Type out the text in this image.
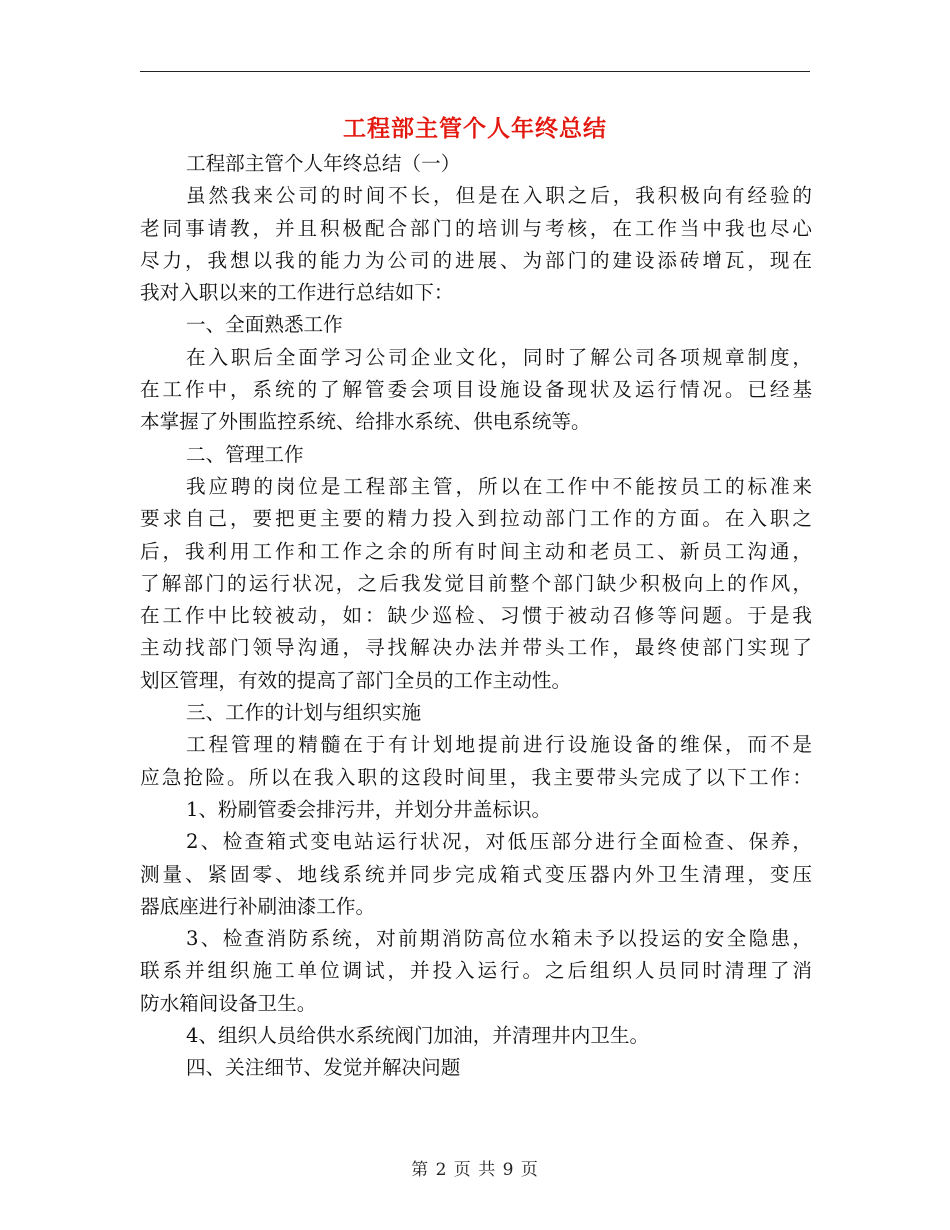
工程部主管个人年终总结
工程部主管个人年终总结（一）
虽然我来公司的时间不长，但是在入职之后，我积极向有经验的
老同事请教，并且积极配合部门的培训与考核，在工作当中我也尽心
尽力，我想以我的能力为公司的进展、为部门的建设添砖增瓦，现在
我对入职以来的工作进行总结如下：
一、全面熟悉工作
在入职后全面学习公司企业文化，同时了解公司各项规章制度，
在工作中，系统的了解管委会项目设施设备现状及运行情况。已经基
本掌握了外围监控系统、给排水系统、供电系统等。
二、管理工作
我应聘的岗位是工程部主管，所以在工作中不能按员工的标准来
要求自己，要把更主要的精力投入到拉动部门工作的方面。在入职之
后，我利用工作和工作之余的所有时间主动和老员工、新员工沟通，
了解部门的运行状况，之后我发觉目前整个部门缺少积极向上的作风，
在工作中比较被动，如：缺少巡检、习惯于被动召修等问题。于是我
主动找部门领导沟通，寻找解决办法并带头工作，最终使部门实现了
划区管理，有效的提高了部门全员的工作主动性。
三、工作的计划与组织实施
工程管理的精髓在于有计划地提前进行设施设备的维保，而不是
应急抢险。所以在我入职的这段时间里，我主要带头完成了以下工作：
1、粉刷管委会排污井，并划分井盖标识。
2、检查箱式变电站运行状况，对低压部分进行全面检查、保养，
测量、紧固零、地线系统并同步完成箱式变压器内外卫生清理，变压
器底座进行补刷油漆工作。
3、检查消防系统，对前期消防高位水箱未予以投运的安全隐患，
联系并组织施工单位调试，并投入运行。之后组织人员同时清理了消
防水箱间设备卫生。
4、组织人员给供水系统阀门加油，并清理井内卫生。
四、关注细节、发觉并解决问题
第 2 页 共 9 页
